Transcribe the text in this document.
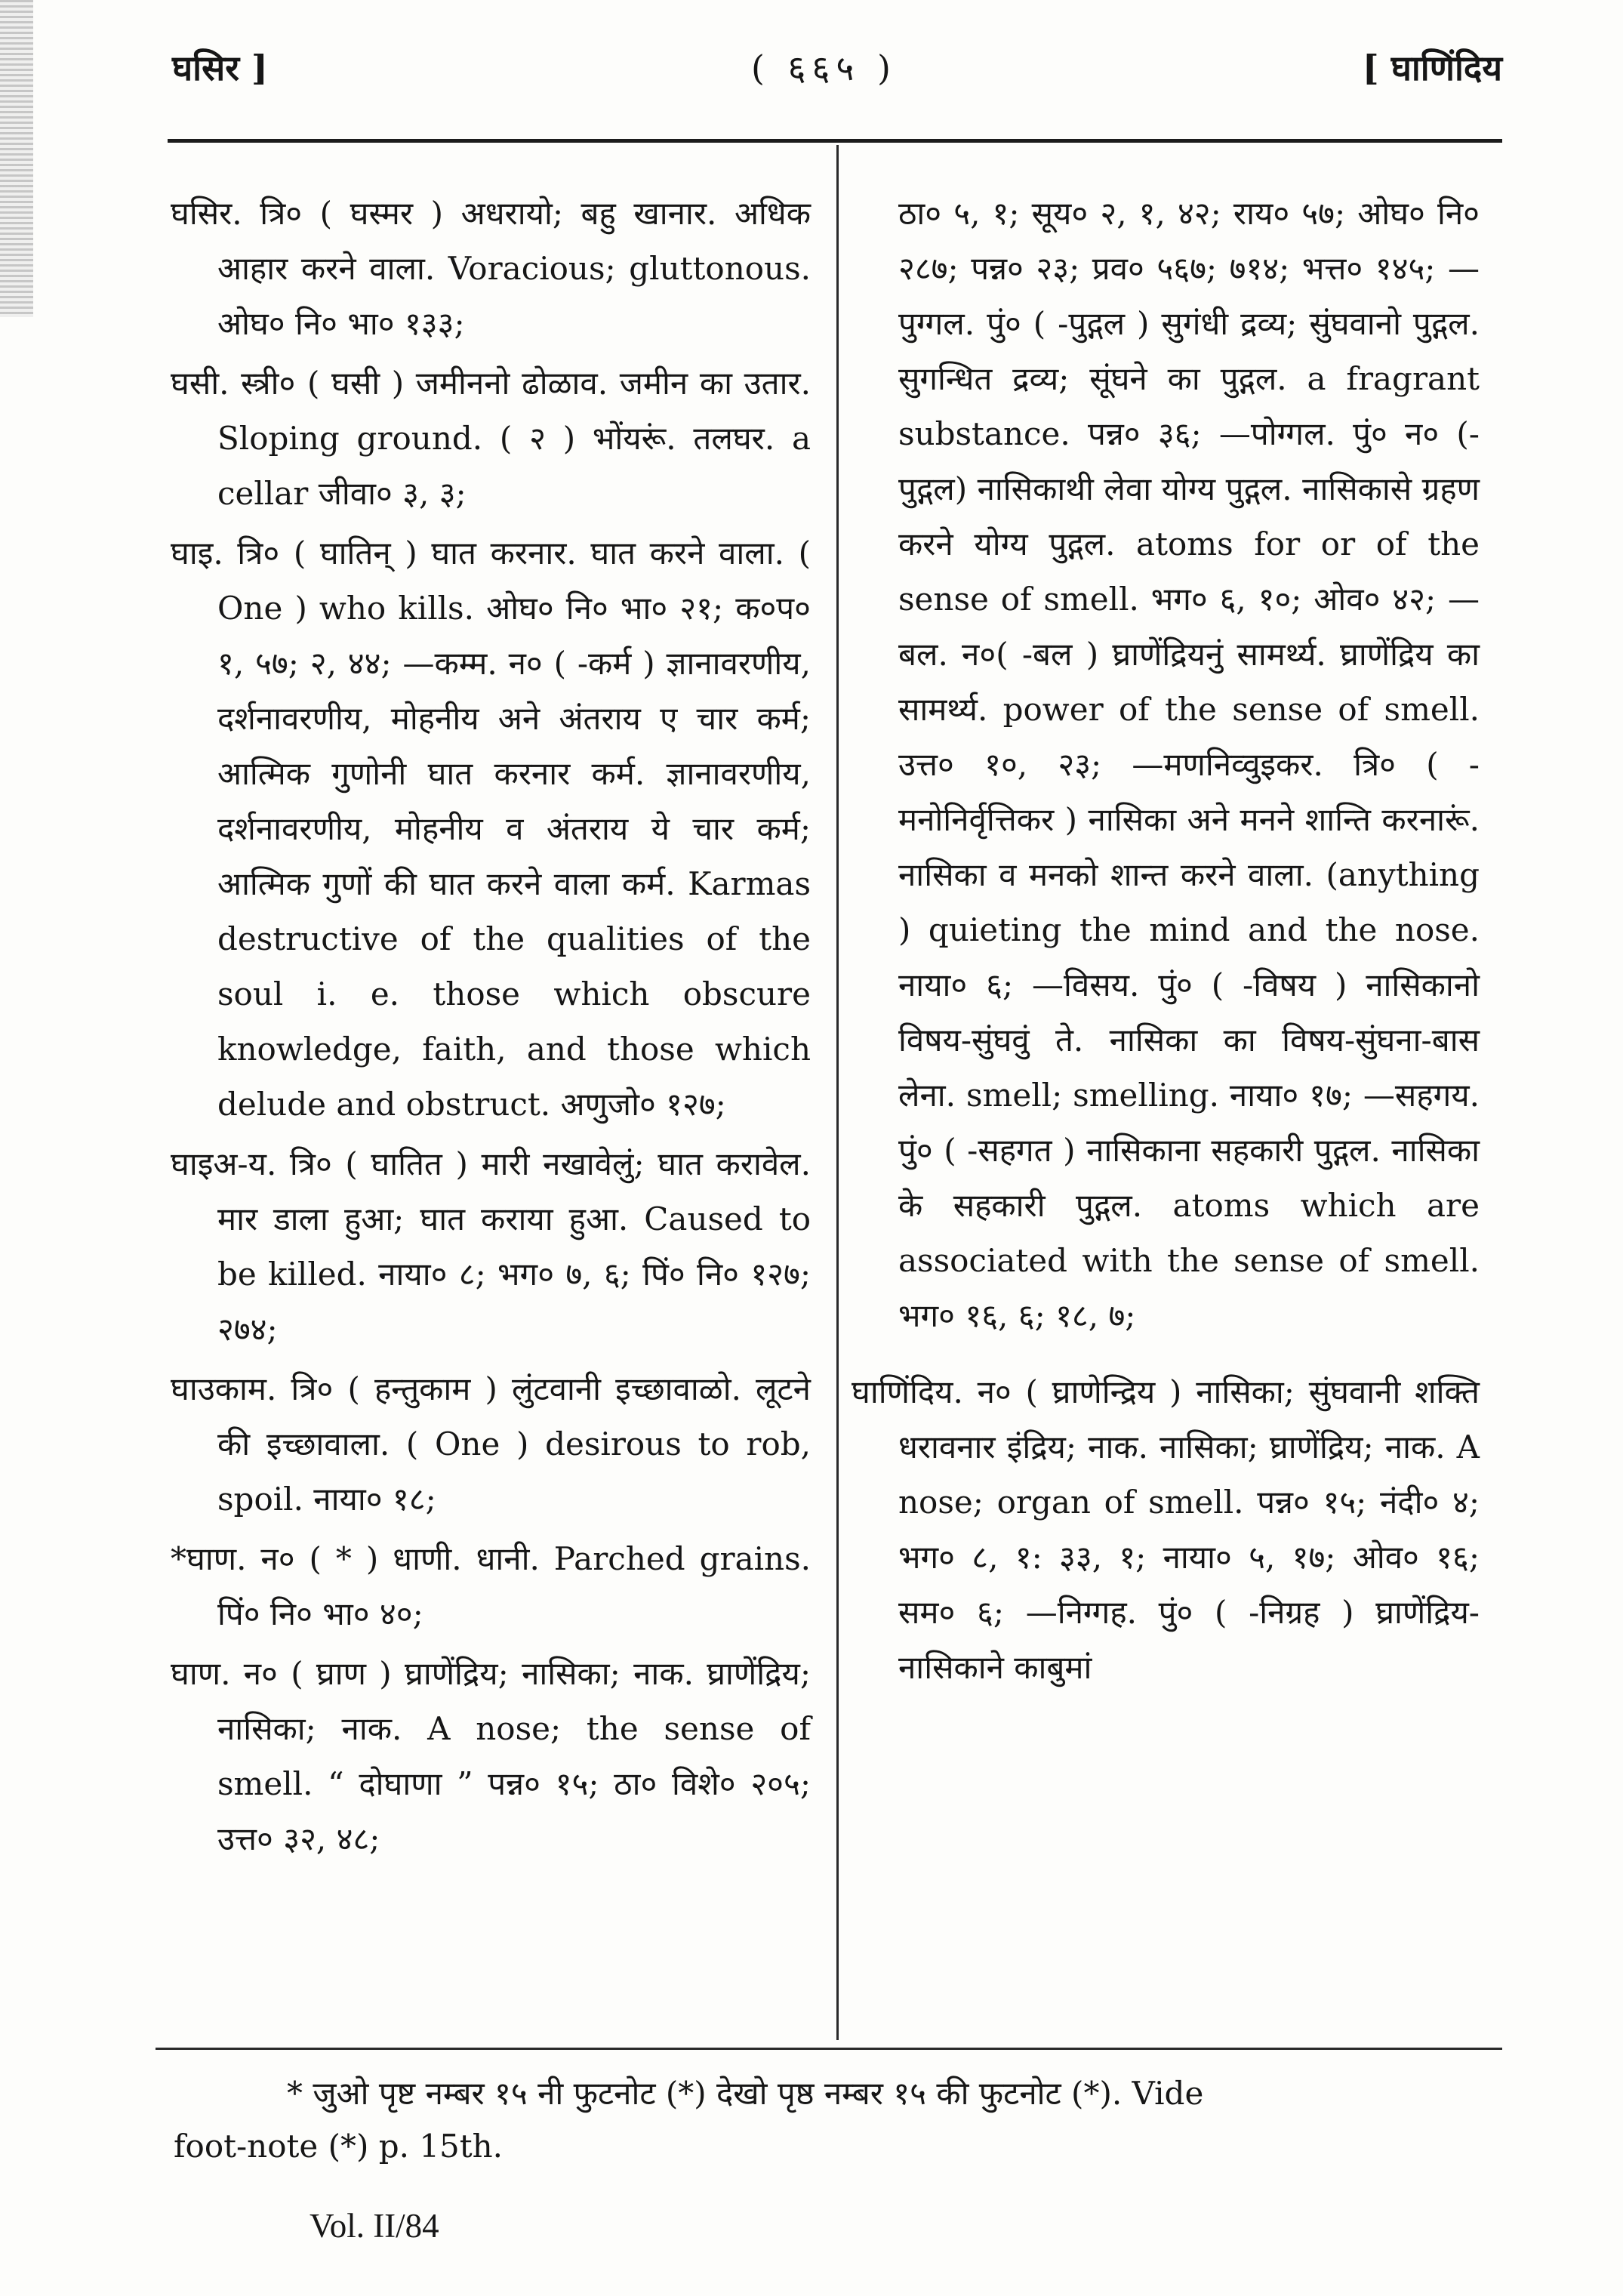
घसिर ]	( ६६५ )	[ घाणिंदिय

घसिर. त्रि० ( घस्मर ) अधरायो; बहु खानार. अधिक आहार करने वाला. Voracious; gluttonous. ओघ० नि० भा० १३३;

घसी. स्त्री० ( घसी ) जमीननो ढोळाव. जमीन का उतार. Sloping ground. ( २ ) भोंयरूं. तलघर. a cellar जीवा० ३, ३;

घाइ. त्रि० ( घातिन् ) घात करनार. घात करने वाला. ( One ) who kills. ओघ० नि० भा० २१; क०प० १, ५७; २, ४४; —कम्म. न० ( -कर्म ) ज्ञानावरणीय, दर्शनावरणीय, मोहनीय अने अंतराय ए चार कर्म; आत्मिक गुणोनी घात करनार कर्म. ज्ञानावरणीय, दर्शनावरणीय, मोहनीय व अंतराय ये चार कर्म; आत्मिक गुणों की घात करने वाला कर्म. Karmas destructive of the qualities of the soul i. e. those which obscure knowledge, faith, and those which delude and obstruct. अणुजो० १२७;

घाइअ-य. त्रि० ( घातित ) मारी नखावेलुं; घात करावेल. मार डाला हुआ; घात कराया हुआ. Caused to be killed. नाया० ८; भग० ७, ६; पिं० नि० १२७; २७४;

घाउकाम. त्रि० ( हन्तुकाम ) लुंटवानी इच्छावाळो. लूटने की इच्छावाला. ( One ) desirous to rob, spoil. नाया० १८;

*घाण. न० ( * ) धाणी. धानी. Parched grains. पिं० नि० भा० ४०;

घाण. न० ( घ्राण ) घ्राणेंद्रिय; नासिका; नाक. घ्राणेंद्रिय; नासिका; नाक. A nose; the sense of smell. “ दोघाणा ” पन्न० १५; ठा० विशे० २०५; उत्त० ३२, ४८;

ठा० ५, १; सूय० २, १, ४२; राय० ५७; ओघ० नि० २८७; पन्न० २३; प्रव० ५६७; ७१४; भत्त० १४५; —पुग्गल. पुं० ( -पुद्गल ) सुगंधी द्रव्य; सुंघवानो पुद्गल. सुगन्धित द्रव्य; सूंघने का पुद्गल. a fragrant substance. पन्न० ३६; —पोग्गल. पुं० न० (-पुद्गल) नासिकाथी लेवा योग्य पुद्गल. नासिकासे ग्रहण करने योग्य पुद्गल. atoms for or of the sense of smell. भग० ६, १०; ओव० ४२; —बल. न०( -बल ) घ्राणेंद्रियनुं सामर्थ्य. घ्राणेंद्रिय का सामर्थ्य. power of the sense of smell. उत्त० १०, २३; —मणनिव्वुइकर. त्रि० ( -मनोनिर्वृत्तिकर ) नासिका अने मनने शान्ति करनारूं. नासिका व मनको शान्त करने वाला. (anything ) quieting the mind and the nose. नाया० ६; —विसय. पुं० ( -विषय ) नासिकानो विषय-सुंघवुं ते. नासिका का विषय-सुंघना-बास लेना. smell; smelling. नाया० १७; —सहगय. पुं० ( -सहगत ) नासिकाना सहकारी पुद्गल. नासिका के सहकारी पुद्गल. atoms which are associated with the sense of smell. भग० १६, ६; १८, ७;

घाणिंदिय. न० ( घ्राणेन्द्रिय ) नासिका; सुंघवानी शक्ति धरावनार इंद्रिय; नाक. नासिका; घ्राणेंद्रिय; नाक. A nose; organ of smell. पन्न० १५; नंदी० ४; भग० ८, १: ३३, १; नाया० ५, १७; ओव० १६; सम० ६; —निग्गह. पुं० ( -निग्रह ) घ्राणेंद्रिय-नासिकाने काबुमां

* जुओ पृष्ट नम्बर १५ नी फुटनोट (*) देखो पृष्ठ नम्बर १५ की फुटनोट (*). Vide
foot-note (*) p. 15th.
Vol. II/84
